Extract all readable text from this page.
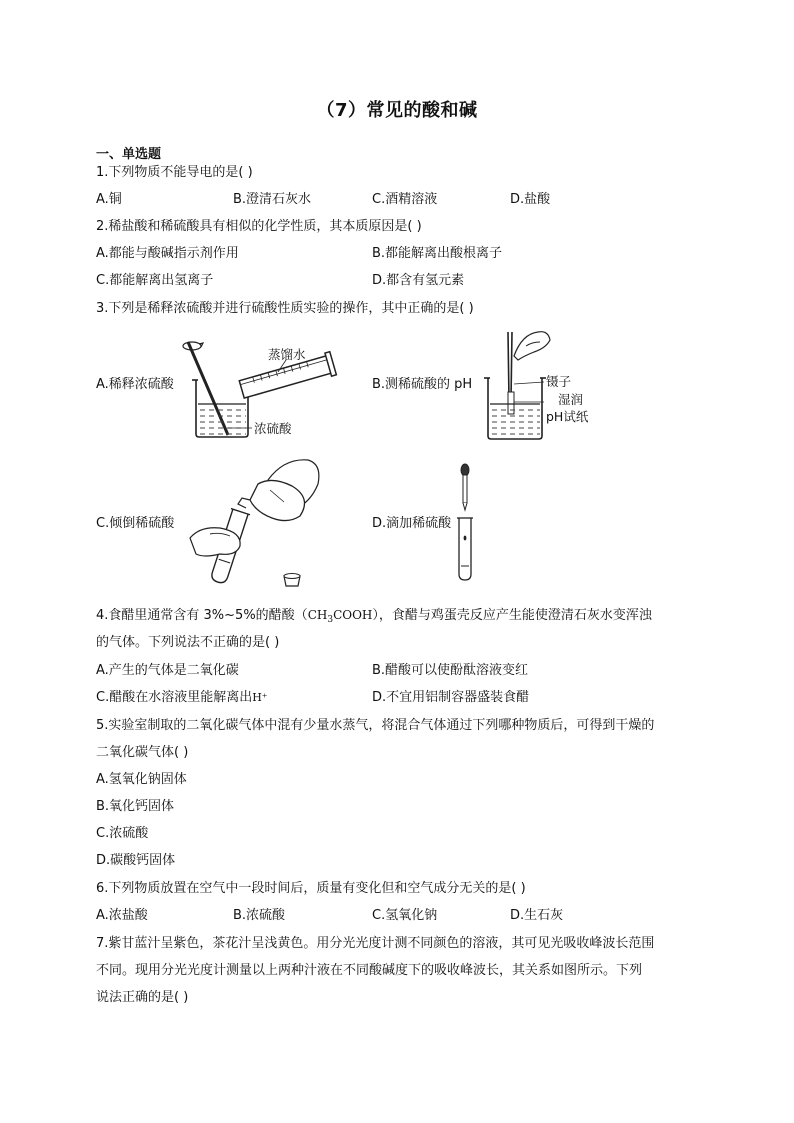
（7）常见的酸和碱
一、单选题
1.下列物质不能导电的是( )
A.铜	B.澄清石灰水	C.酒精溶液	D.盐酸
2.稀盐酸和稀硫酸具有相似的化学性质，其本质原因是( )
A.都能与酸碱指示剂作用	B.都能解离出酸根离子
C.都能解离出氢离子	D.都含有氢元素
3.下列是稀释浓硫酸并进行硫酸性质实验的操作，其中正确的是( )
A.稀释浓硫酸
蒸馏水
浓硫酸
B.测稀硫酸的 pH	镊子
湿润
pH试纸
C.倾倒稀硫酸	D.滴加稀硫酸
4.食醋里通常含有 3%~5%的醋酸$(CH_3COOH)$，食醋与鸡蛋壳反应产生能使澄清石灰水变浑浊
的气体。下列说法不正确的是( )
A.产生的气体是二氧化碳	B.醋酸可以使酚酞溶液变红
C.醋酸在水溶液里能解离出H⁺	D.不宜用铝制容器盛装食醋
5.实验室制取的二氧化碳气体中混有少量水蒸气，将混合气体通过下列哪种物质后，可得到干燥的
二氧化碳气体( )
A.氢氧化钠固体
B.氧化钙固体
C.浓硫酸
D.碳酸钙固体
6.下列物质放置在空气中一段时间后，质量有变化但和空气成分无关的是( )
A.浓盐酸	B.浓硫酸	C.氢氧化钠	D.生石灰
7.紫甘蓝汁呈紫色，茶花汁呈浅黄色。用分光光度计测不同颜色的溶液，其可见光吸收峰波长范围
不同。现用分光光度计测量以上两种汁液在不同酸碱度下的吸收峰波长，其关系如图所示。下列
说法正确的是( )
